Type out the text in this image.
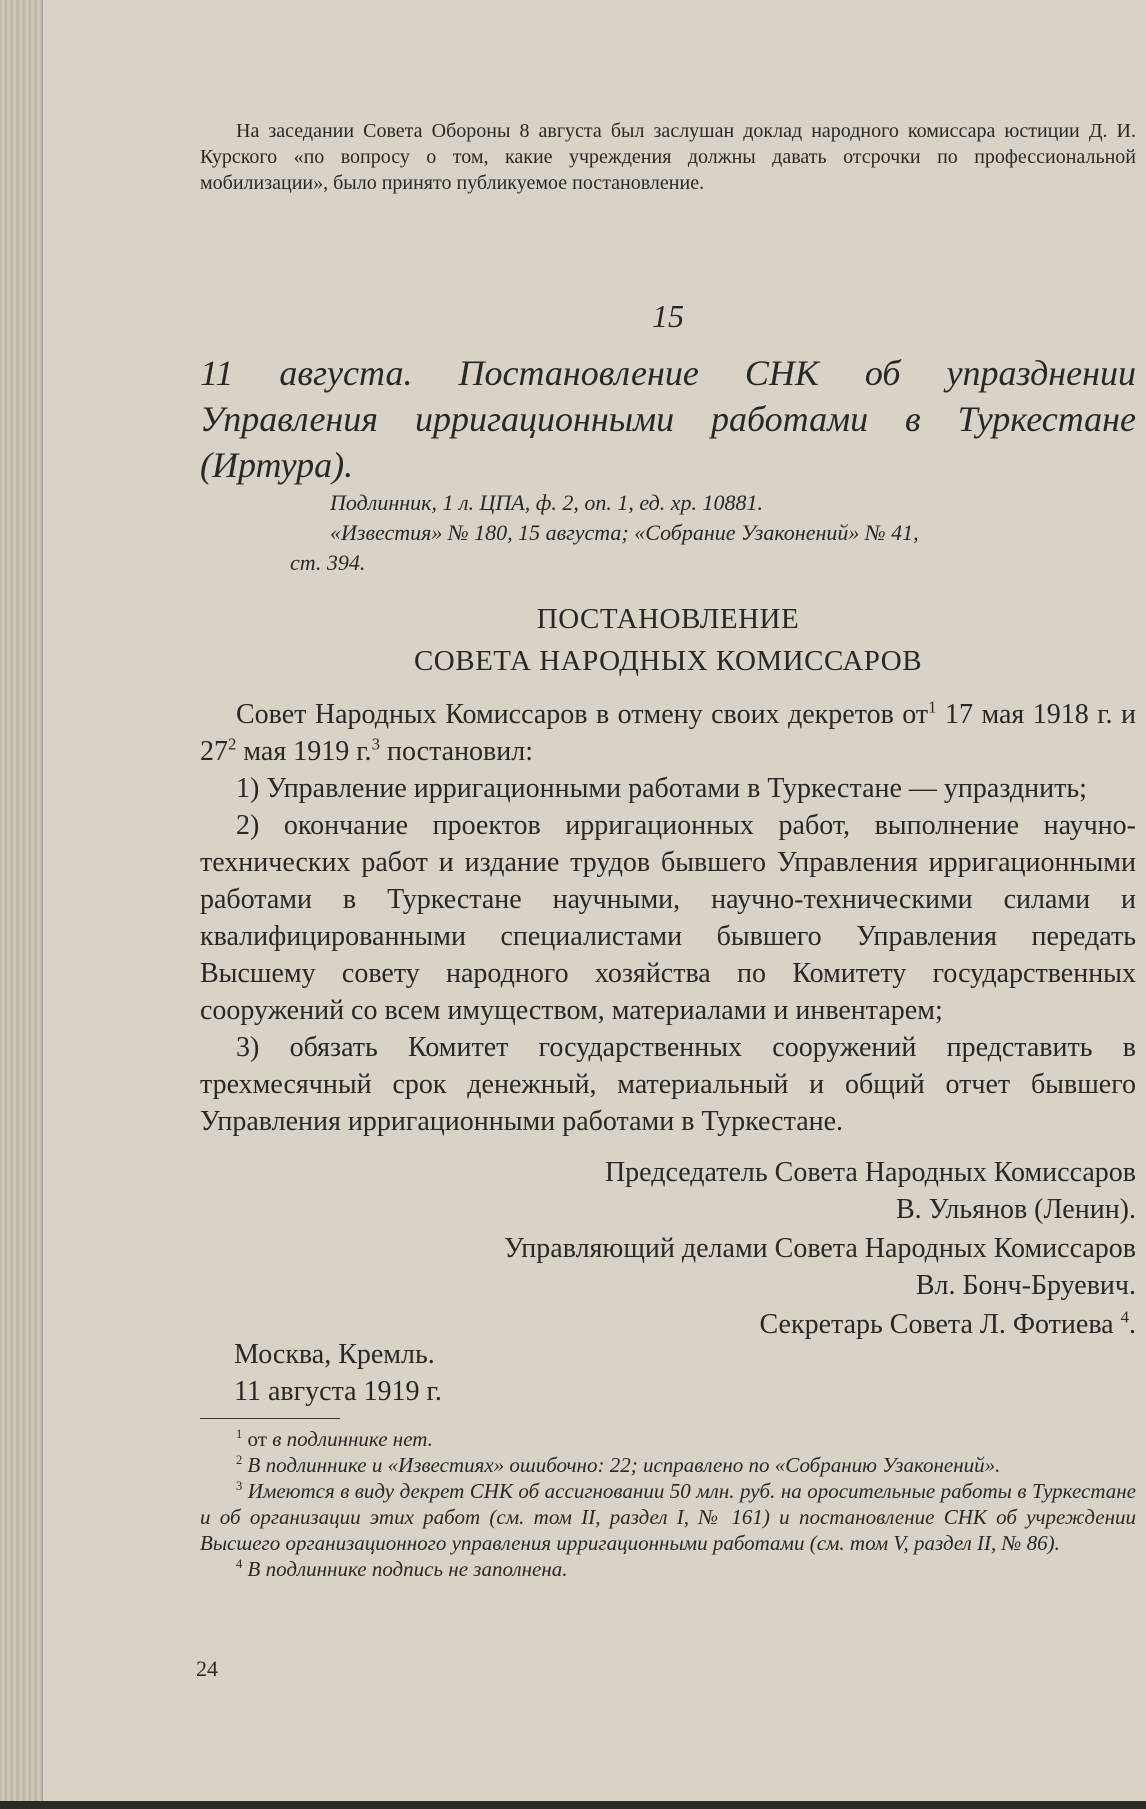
На заседании Совета Обороны 8 августа был заслушан доклад народного комиссара юстиции Д. И. Курского «по вопросу о том, какие учреждения должны давать отсрочки по профессиональной мобилизации», было принято публикуемое постановление.
15
11 августа. Постановление СНК об упразднении Управления ирригационными работами в Туркестане (Иртура).
Подлинник, 1 л. ЦПА, ф. 2, оп. 1, ед. хр. 10881.
«Известия» № 180, 15 августа; «Собрание Узаконений» № 41,
ст. 394.
ПОСТАНОВЛЕНИЕ
СОВЕТА НАРОДНЫХ КОМИССАРОВ

Совет Народных Комиссаров в отмену своих декретов $от^1$ 17 мая 1918 г. и $27^2$ мая 1919 г.$^3$ постановил:

1) Управление ирригационными работами в Туркестане — упразднить;

2) окончание проектов ирригационных работ, выполнение научно-технических работ и издание трудов бывшего Управления ирригационными работами в Туркестане научными, научно-техническими силами и квалифицированными специалистами бывшего Управления передать Высшему совету народного хозяйства по Комитету государственных сооружений со всем имуществом, материалами и инвентарем;

3) обязать Комитет государственных сооружений представить в трехмесячный срок денежный, материальный и общий отчет бывшего Управления ирригационными работами в Туркестане.

Председатель Совета Народных Комиссаров
В. Ульянов (Ленин).
Управляющий делами Совета Народных Комиссаров
Вл. Бонч-Бруевич.
Секретарь Совета Л. Фотиева $^4$.
Москва, Кремль.
11 августа 1919 г.

$^1$ от в подлиннике нет.

$^2$ В подлиннике и «Известиях» ошибочно: 22; исправлено по «Собранию Узаконений».

$^3$ Имеются в виду декрет СНК об ассигновании 50 млн. руб. на оросительные работы в Туркестане и об организации этих работ (см. том II, раздел I, № 161) и постановление СНК об учреждении Высшего организационного управления ирригационными работами (см. том V, раздел II, № 86).

$^4$ В подлиннике подпись не заполнена.

24
